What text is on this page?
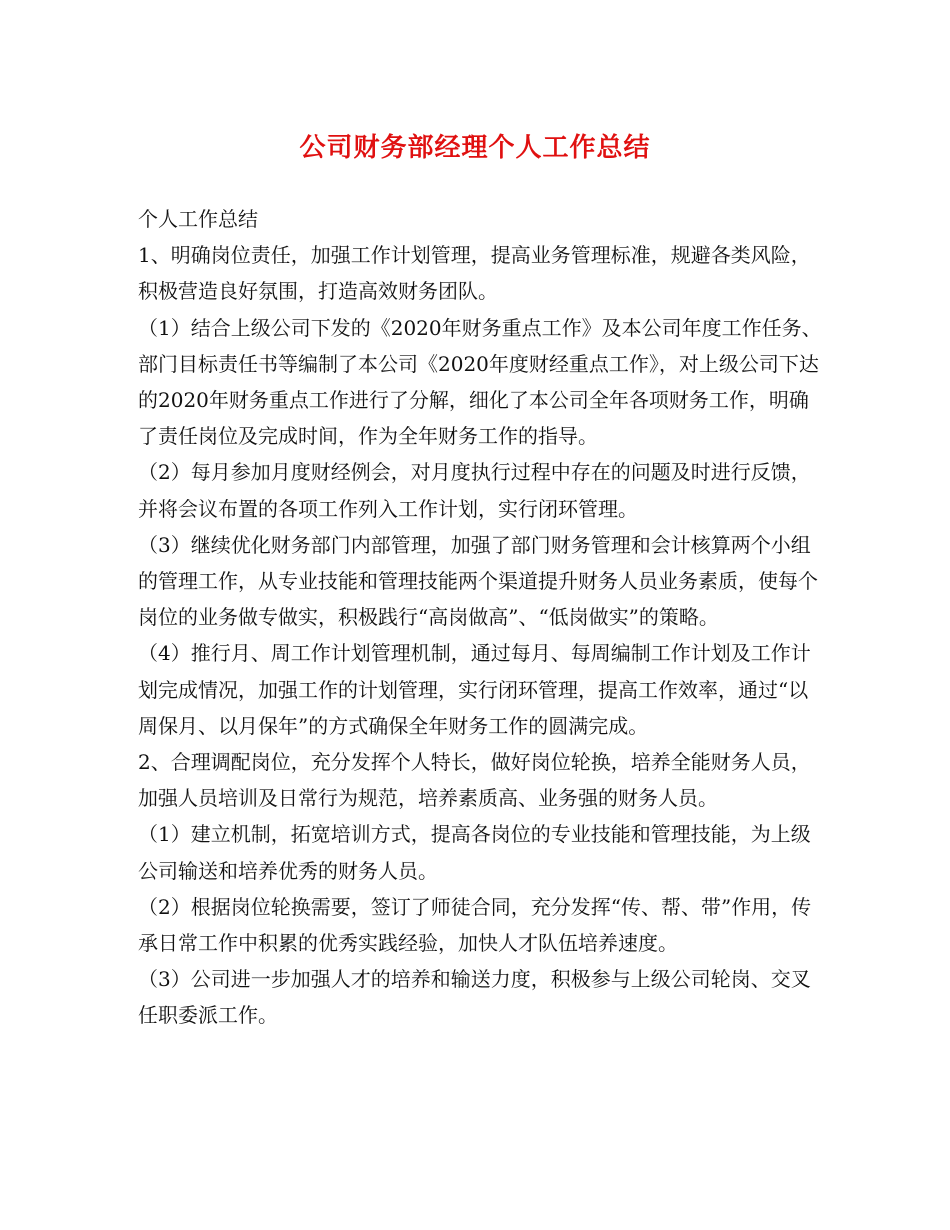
公司财务部经理个人工作总结

个人工作总结

1、明确岗位责任，加强工作计划管理，提高业务管理标准，规避各类风险，积极营造良好氛围，打造高效财务团队。

（1）结合上级公司下发的《2020年财务重点工作》及本公司年度工作任务、部门目标责任书等编制了本公司《2020年度财经重点工作》，对上级公司下达的2020年财务重点工作进行了分解，细化了本公司全年各项财务工作，明确了责任岗位及完成时间，作为全年财务工作的指导。

（2）每月参加月度财经例会，对月度执行过程中存在的问题及时进行反馈，并将会议布置的各项工作列入工作计划，实行闭环管理。

（3）继续优化财务部门内部管理，加强了部门财务管理和会计核算两个小组的管理工作，从专业技能和管理技能两个渠道提升财务人员业务素质，使每个岗位的业务做专做实，积极践行“高岗做高”、“低岗做实”的策略。

（4）推行月、周工作计划管理机制，通过每月、每周编制工作计划及工作计划完成情况，加强工作的计划管理，实行闭环管理，提高工作效率，通过“以周保月、以月保年”的方式确保全年财务工作的圆满完成。

2、合理调配岗位，充分发挥个人特长，做好岗位轮换，培养全能财务人员，加强人员培训及日常行为规范，培养素质高、业务强的财务人员。

（1）建立机制，拓宽培训方式，提高各岗位的专业技能和管理技能，为上级公司输送和培养优秀的财务人员。

（2）根据岗位轮换需要，签订了师徒合同，充分发挥“传、帮、带”作用，传承日常工作中积累的优秀实践经验，加快人才队伍培养速度。

（3）公司进一步加强人才的培养和输送力度，积极参与上级公司轮岗、交叉任职委派工作。
